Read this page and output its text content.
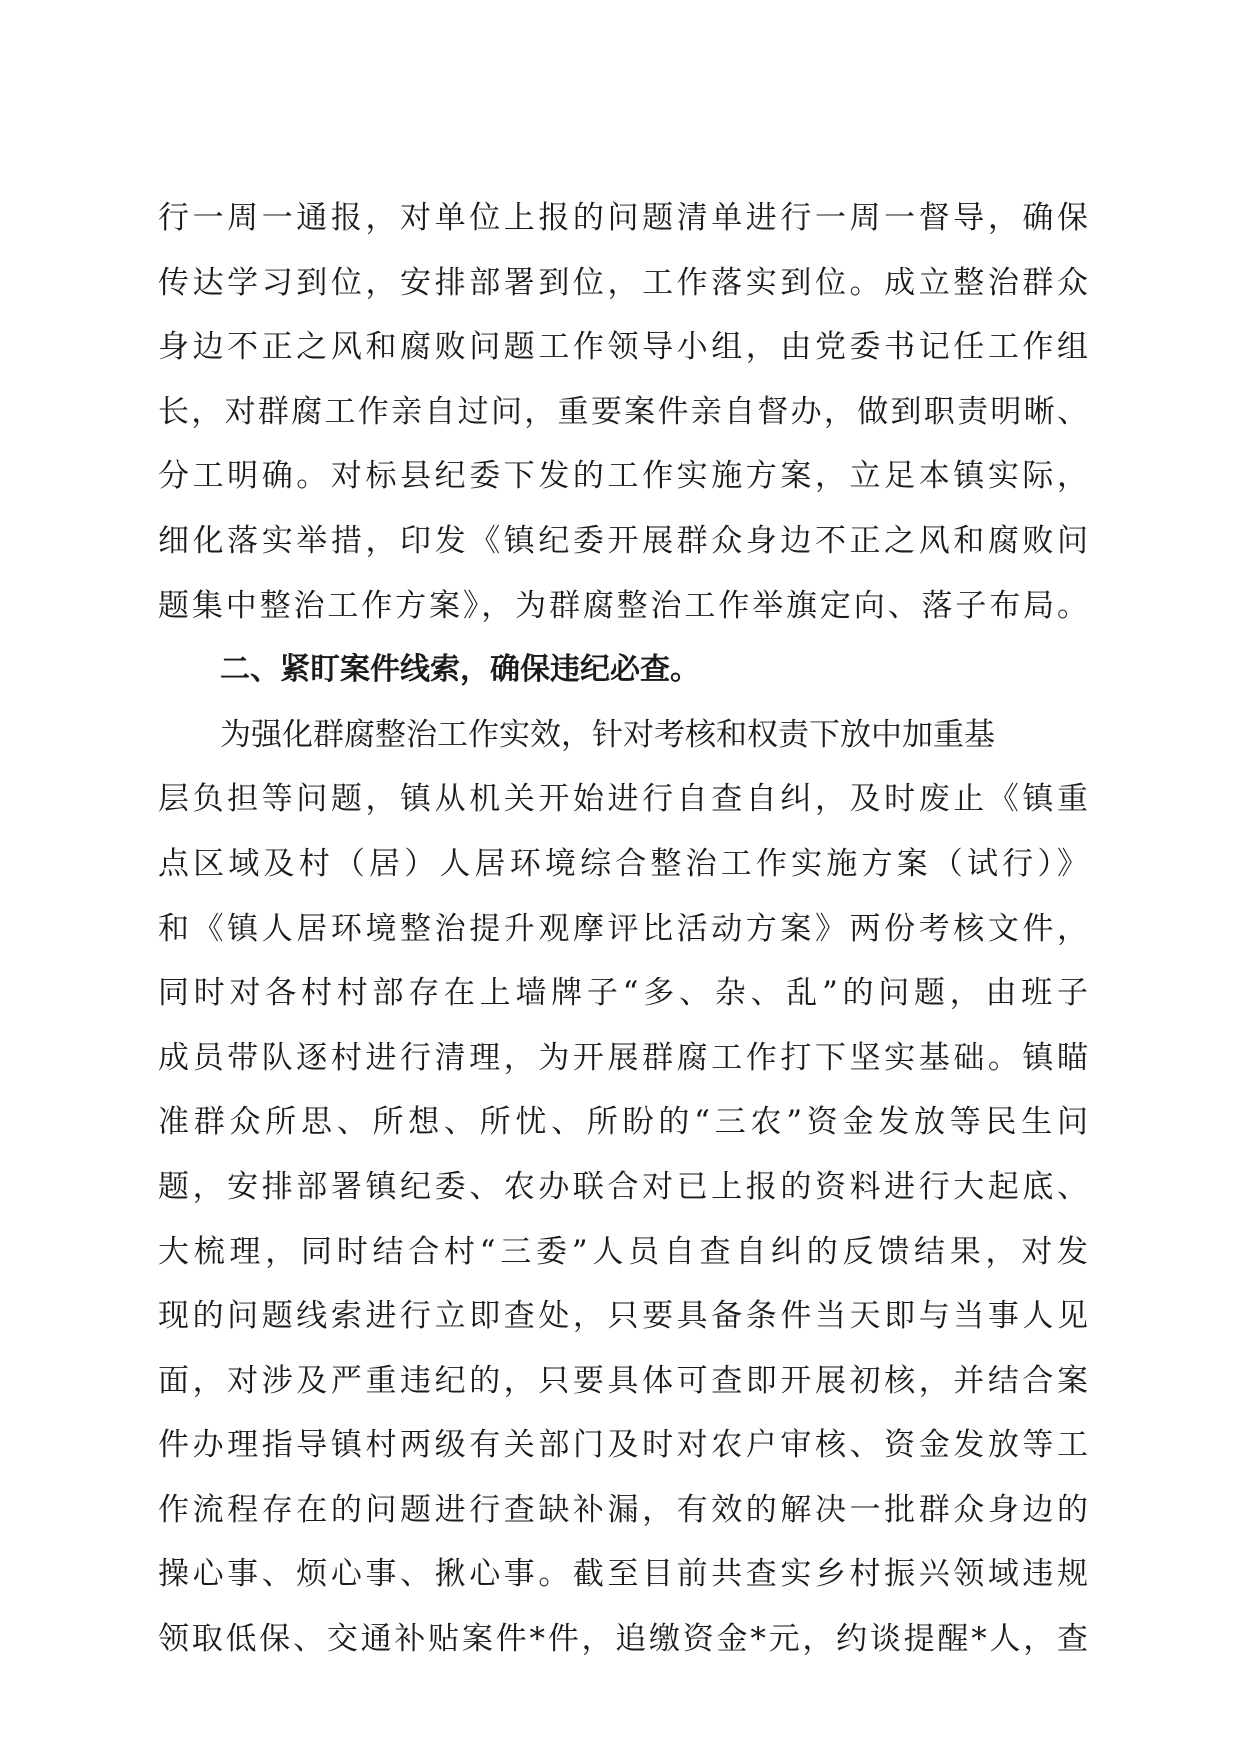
行一周一通报，对单位上报的问题清单进行一周一督导，确保
传达学习到位，安排部署到位，工作落实到位。成立整治群众
身边不正之风和腐败问题工作领导小组，由党委书记任工作组
长，对群腐工作亲自过问，重要案件亲自督办，做到职责明晰、
分工明确。对标县纪委下发的工作实施方案，立足本镇实际，
细化落实举措，印发《镇纪委开展群众身边不正之风和腐败问
题集中整治工作方案》，为群腐整治工作举旗定向、落子布局。
二、紧盯案件线索，确保违纪必查。
为强化群腐整治工作实效，针对考核和权责下放中加重基
层负担等问题，镇从机关开始进行自查自纠，及时废止《镇重
点区域及村（居）人居环境综合整治工作实施方案（试行）》
和《镇人居环境整治提升观摩评比活动方案》两份考核文件，
同时对各村村部存在上墙牌子“多、杂、乱”的问题，由班子
成员带队逐村进行清理，为开展群腐工作打下坚实基础。镇瞄
准群众所思、所想、所忧、所盼的“三农”资金发放等民生问
题，安排部署镇纪委、农办联合对已上报的资料进行大起底、
大梳理，同时结合村“三委”人员自查自纠的反馈结果，对发
现的问题线索进行立即查处，只要具备条件当天即与当事人见
面，对涉及严重违纪的，只要具体可查即开展初核，并结合案
件办理指导镇村两级有关部门及时对农户审核、资金发放等工
作流程存在的问题进行查缺补漏，有效的解决一批群众身边的
操心事、烦心事、揪心事。截至目前共查实乡村振兴领域违规
领取低保、交通补贴案件*件，追缴资金*元，约谈提醒*人，查
